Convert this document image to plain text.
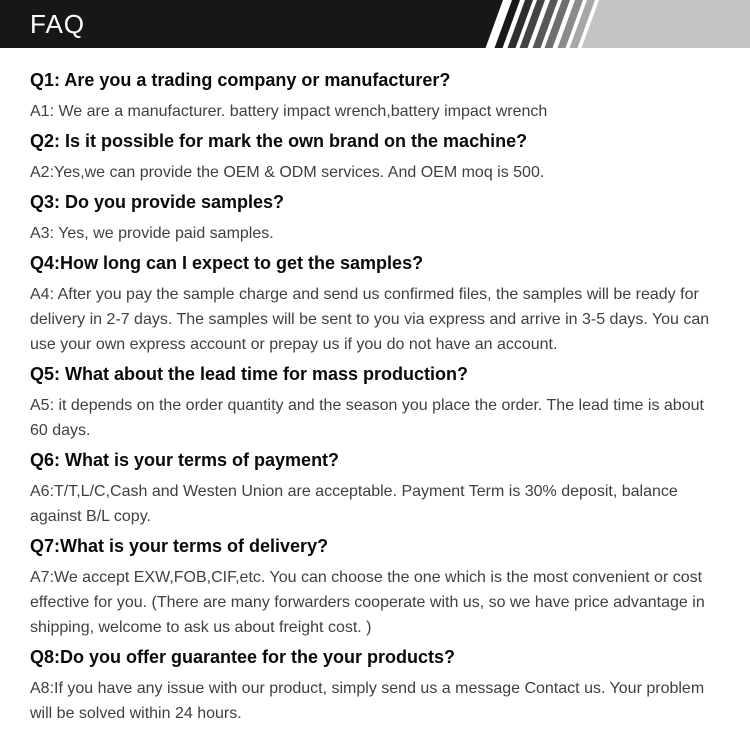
FAQ
Q1: Are you a trading company or manufacturer?

A1: We are a manufacturer. battery impact wrench,battery impact wrench

Q2: Is it possible for mark the own brand on the machine?

A2:Yes,we can provide the OEM & ODM services. And OEM moq is 500.

Q3: Do you provide samples?

A3: Yes, we provide paid samples.

Q4:How long can I expect to get the samples?

A4: After you pay the sample charge and send us confirmed files, the samples will be ready for delivery in 2-7 days. The samples will be sent to you via express and arrive in 3-5 days. You can use your own express account or prepay us if you do not have an account.

Q5: What about the lead time for mass production?

A5: it depends on the order quantity and the season you place the order. The lead time is about 60 days.

Q6: What is your terms of payment?

A6:T/T,L/C,Cash and Westen Union are acceptable. Payment Term is 30% deposit, balance against B/L copy.

Q7:What is your terms of delivery?

A7:We accept EXW,FOB,CIF,etc. You can choose the one which is the most convenient or cost effective for you. (There are many forwarders cooperate with us, so we have price advantage in shipping, welcome to ask us about freight cost. )

Q8:Do you offer guarantee for the your products?

A8:If you have any issue with our product, simply send us a message Contact us. Your problem will be solved within 24 hours.
